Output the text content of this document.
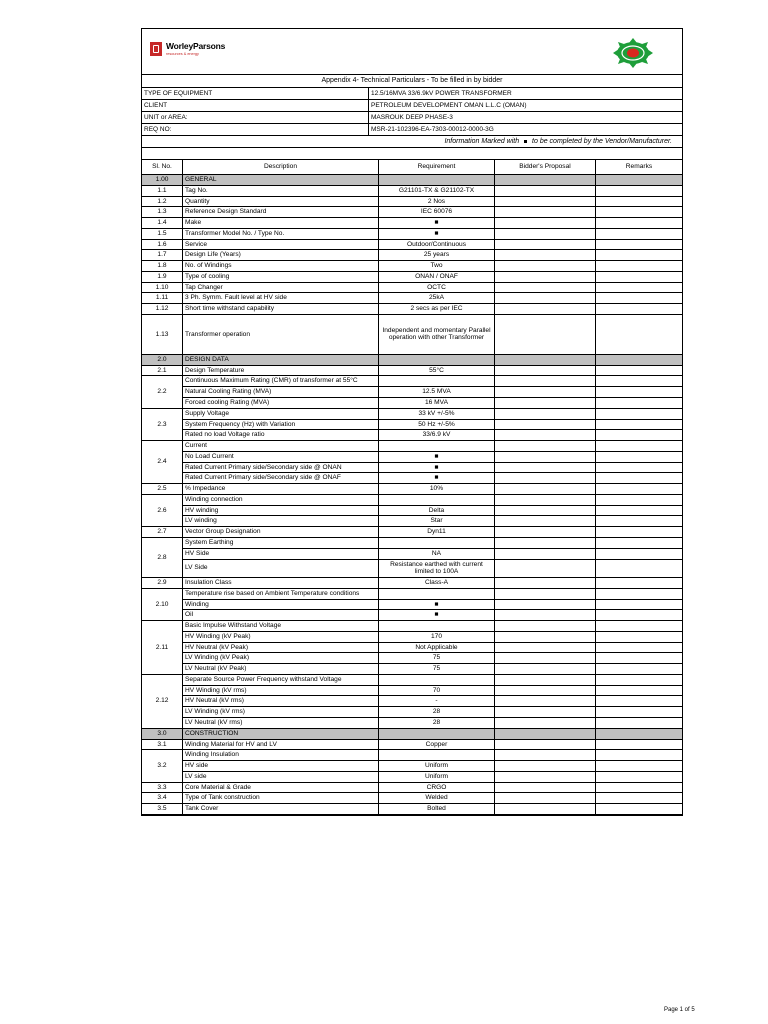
WorleyParsons
resources & energy
Appendix 4- Technical Particulars - To be filled in by bidder
TYPE OF EQUIPMENT	12.5/16MVA 33/6.9kV POWER TRANSFORMER
CLIENT	PETROLEUM DEVELOPMENT OMAN L.L.C (OMAN)
UNIT or AREA:	MASROUK DEEP PHASE-3
REQ NO:	MSR-21-102396-EA-7303-00012-0000-3G
Information Marked with to be completed by the Vendor/Manufacturer.
Sl. No.	Description	Requirement	Bidder's Proposal	Remarks
1.00	GENERAL			
1.1	Tag No.	G21101-TX & G21102-TX		
1.2	Quantity	2 Nos		
1.3	Reference Design Standard	IEC 60076		
1.4	Make	■		
1.5	Transformer Model No. / Type No.	■		
1.6	Service	Outdoor/Continuous		
1.7	Design Life (Years)	25 years		
1.8	No. of Windings	Two		
1.9	Type of cooling	ONAN / ONAF		
1.10	Tap Changer	OCTC		
1.11	3 Ph. Symm. Fault level at HV side	25kA		
1.12	Short time withstand capability	2 secs as per IEC		
1.13	Transformer operation	Independent and momentary Parallel operation with other Transformer		
2.0	DESIGN DATA			
2.1	Design Temperature	55°C		
2.2	Continuous Maximum Rating (CMR) of transformer at 55°C			
	Natural Cooling Rating (MVA)	12.5 MVA		
	Forced cooling Rating (MVA)	16 MVA		
2.3	Supply Voltage	33 kV +/-5%		
	System Frequency (Hz) with Variation	50 Hz +/-5%		
	Rated no load Voltage ratio	33/6.9 kV		
2.4	Current			
	No Load Current	■		
	Rated Current Primary side/Secondary side @ ONAN	■		
	Rated Current Primary side/Secondary side @ ONAF	■		
2.5	% Impedance	10%		
2.6	Winding connection			
	HV winding	Delta		
	LV winding	Star		
2.7	Vector Group Designation	Dyn11		
2.8	System Earthing			
	HV Side	NA		
	LV Side	Resistance earthed with current limited to 100A		
2.9	Insulation Class	Class-A		
2.10	Temperature rise based on Ambient Temperature conditions			
	Winding	■		
	Oil	■		
2.11	Basic Impulse Withstand Voltage			
	HV Winding (kV Peak)	170		
	HV Neutral (kV Peak)	Not Applicable		
	LV Winding (kV Peak)	75		
	LV Neutral (kV Peak)	75		
2.12	Separate Source Power Frequency withstand Voltage			
	HV Winding (kV rms)	70		
	HV Neutral (kV rms)	-		
	LV Winding (kV rms)	28		
	LV Neutral (kV rms)	28		
3.0	CONSTRUCTION			
3.1	Winding Material for HV and LV	Copper		
3.2	Winding Insulation			
	HV side	Uniform		
	LV side	Uniform		
3.3	Core Material & Grade	CRGO		
3.4	Type of Tank construction	Welded		
3.5	Tank Cover	Bolted		
Page 1 of 5
